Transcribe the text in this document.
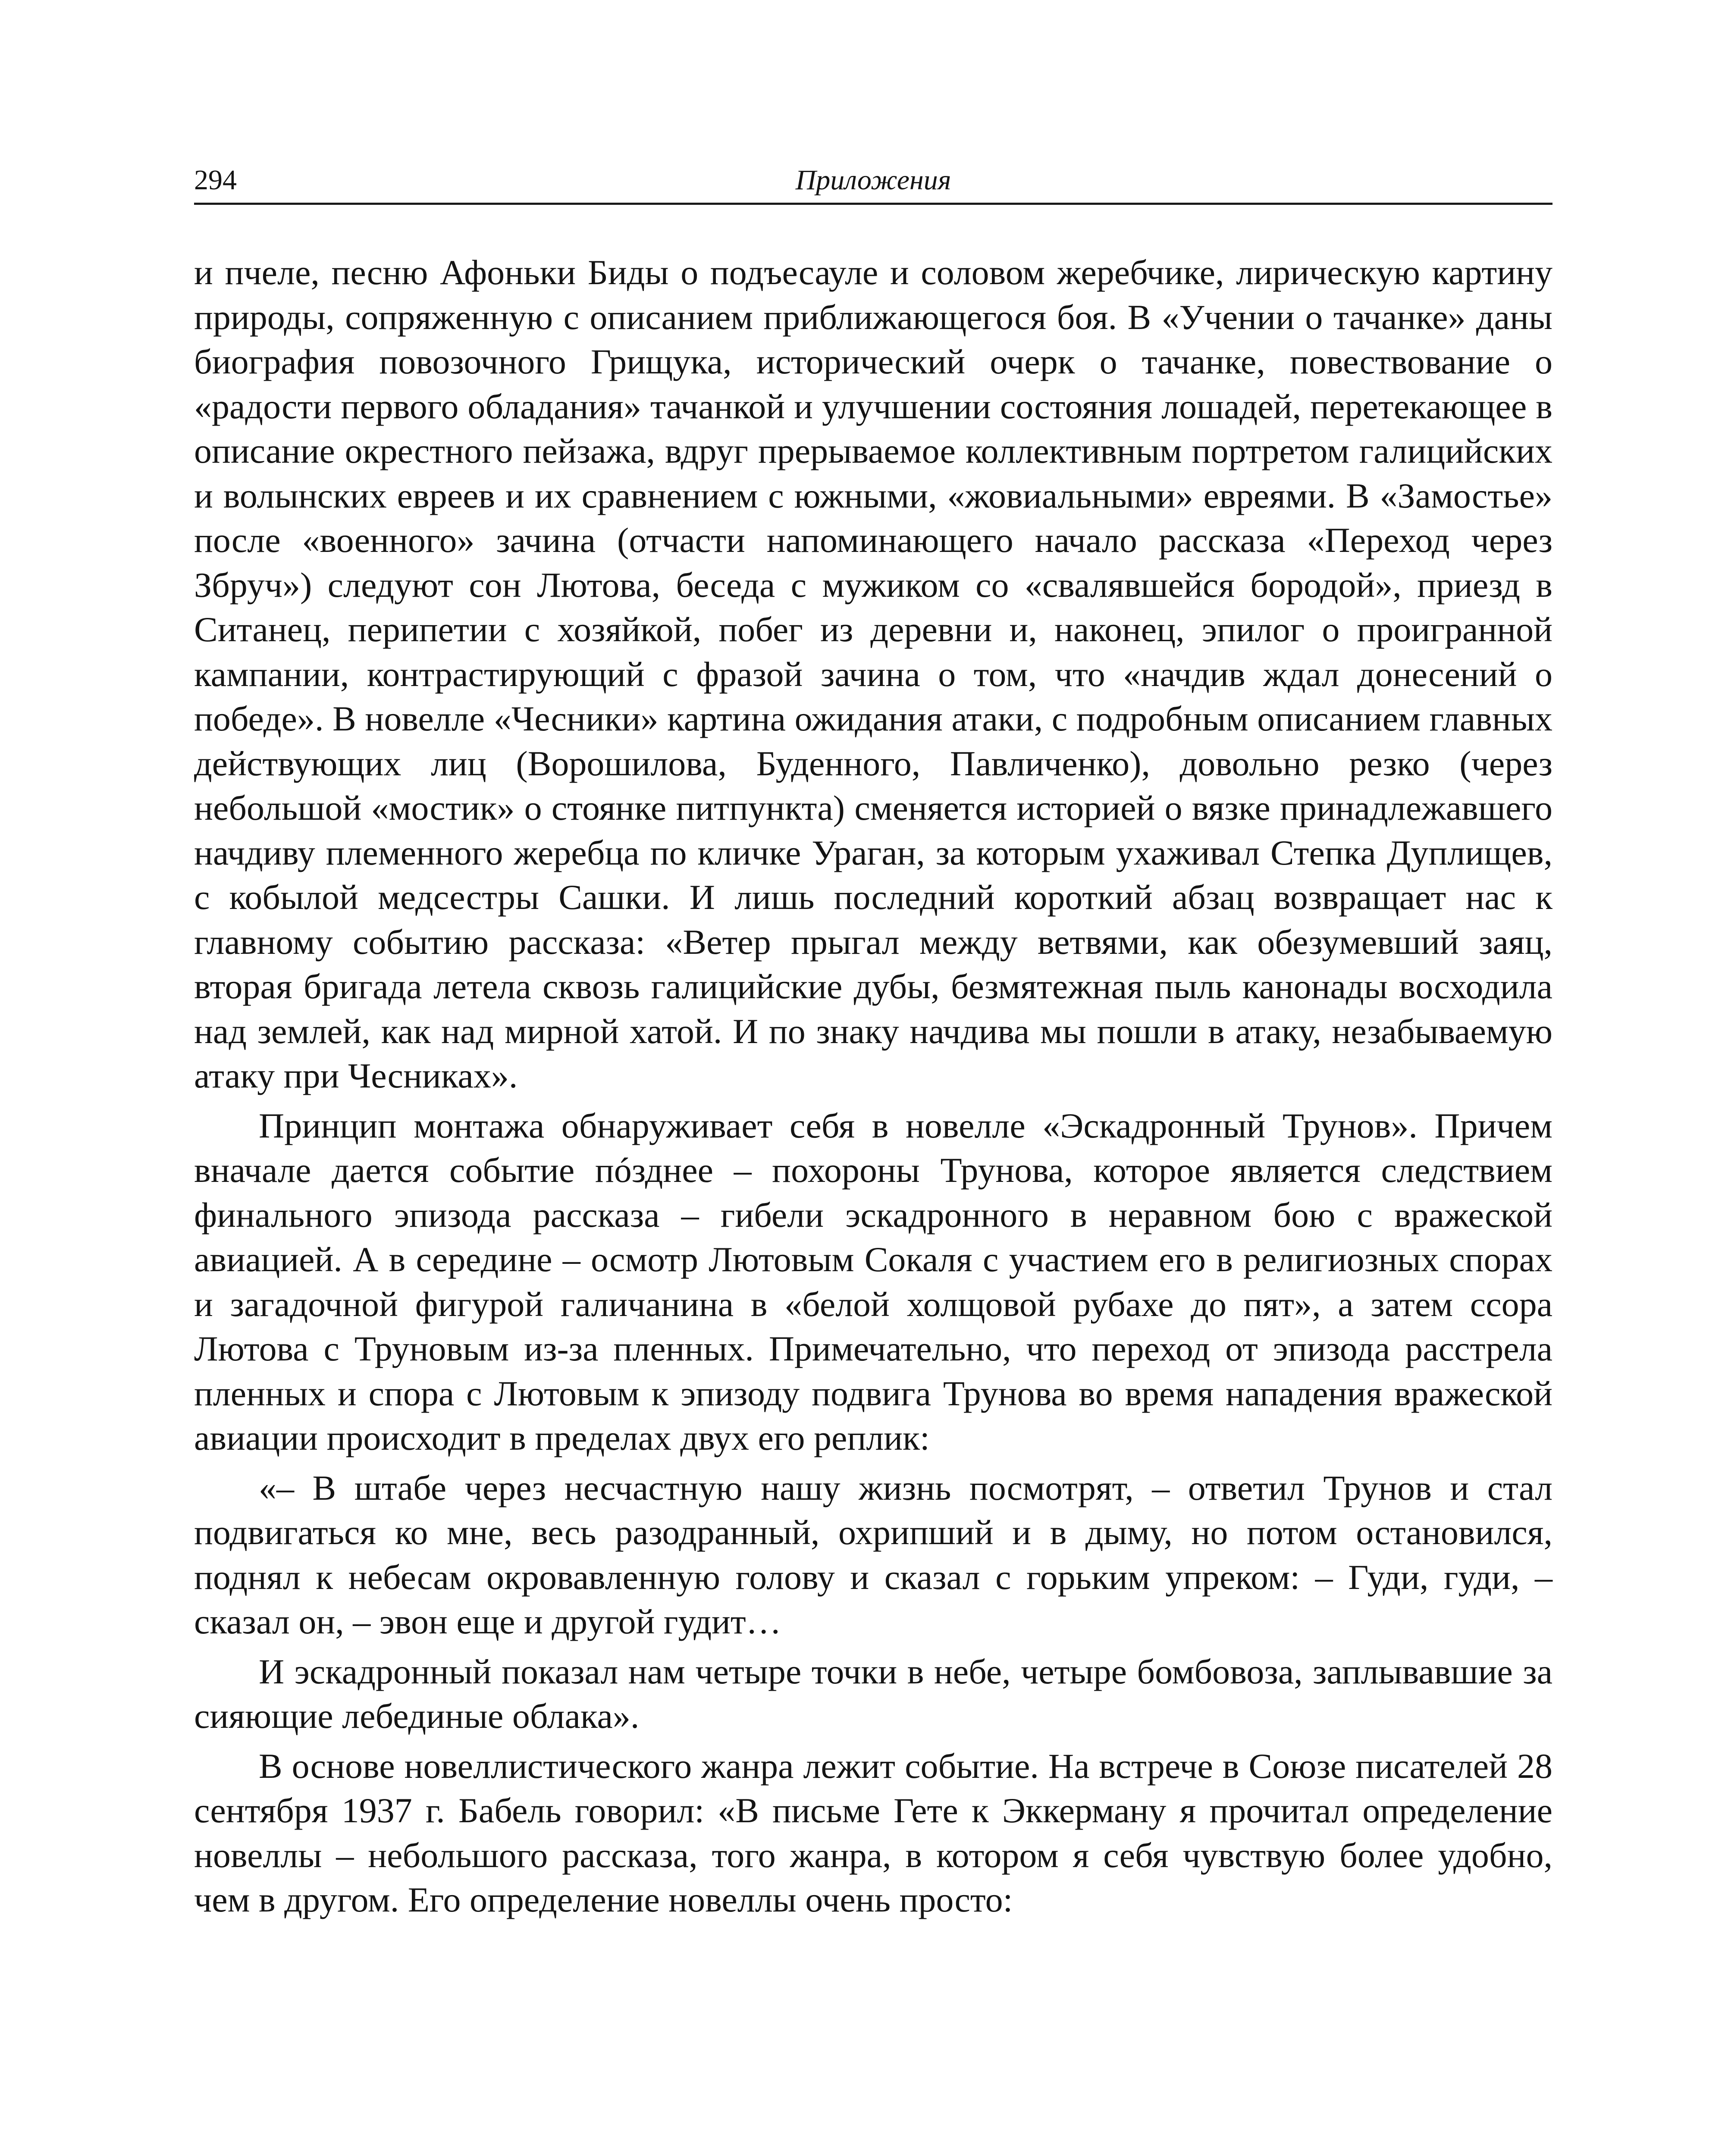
294	Приложения

и пчеле, песню Афоньки Биды о подъесауле и соловом жеребчике, лирическую картину природы, сопряженную с описанием приближающегося боя. В «Учении о тачанке» даны биография повозочного Грищука, исторический очерк о тачанке, повествование о «радости первого обладания» тачанкой и улучшении состояния лошадей, перетекающее в описание окрестного пейзажа, вдруг прерываемое коллективным портретом галицийских и волынских евреев и их сравнением с южными, «жовиальными» евреями. В «Замостье» после «военного» зачина (отчасти напоминающего начало рассказа «Переход через Збруч») следуют сон Лютова, беседа с мужиком со «свалявшейся бородой», приезд в Ситанец, перипетии с хозяйкой, побег из деревни и, наконец, эпилог о проигранной кампании, контрастирующий с фразой зачина о том, что «начдив ждал донесений о победе». В новелле «Чесники» картина ожидания атаки, с подробным описанием главных действующих лиц (Ворошилова, Буденного, Павличенко), довольно резко (через небольшой «мостик» о стоянке питпункта) сменяется историей о вязке принадлежавшего начдиву племенного жеребца по кличке Ураган, за которым ухаживал Степка Дуплищев, с кобылой медсестры Сашки. И лишь последний короткий абзац возвращает нас к главному событию рассказа: «Ветер прыгал между ветвями, как обезумевший заяц, вторая бригада летела сквозь галицийские дубы, безмятежная пыль канонады восходила над землей, как над мирной хатой. И по знаку начдива мы пошли в атаку, незабываемую атаку при Чесниках».

Принцип монтажа обнаруживает себя в новелле «Эскадронный Трунов». Причем вначале дается событие пóзднее – похороны Трунова, которое является следствием финального эпизода рассказа – гибели эскадронного в неравном бою с вражеской авиацией. А в середине – осмотр Лютовым Сокаля с участием его в религиозных спорах и загадочной фигурой галичанина в «белой холщовой рубахе до пят», а затем ссора Лютова с Труновым из-за пленных. Примечательно, что переход от эпизода расстрела пленных и спора с Лютовым к эпизоду подвига Трунова во время нападения вражеской авиации происходит в пределах двух его реплик:

«– В штабе через несчастную нашу жизнь посмотрят, – ответил Трунов и стал подвигаться ко мне, весь разодранный, охрипший и в дыму, но потом остановился, поднял к небесам окровавленную голову и сказал с горьким упреком: – Гуди, гуди, – сказал он, – эвон еще и другой гудит…

И эскадронный показал нам четыре точки в небе, четыре бомбовоза, заплывавшие за сияющие лебединые облака».

В основе новеллистического жанра лежит событие. На встрече в Союзе писателей 28 сентября 1937 г. Бабель говорил: «В письме Гете к Эккерману я прочитал определение новеллы – небольшого рассказа, того жанра, в котором я себя чувствую более удобно, чем в другом. Его определение новеллы очень просто:
